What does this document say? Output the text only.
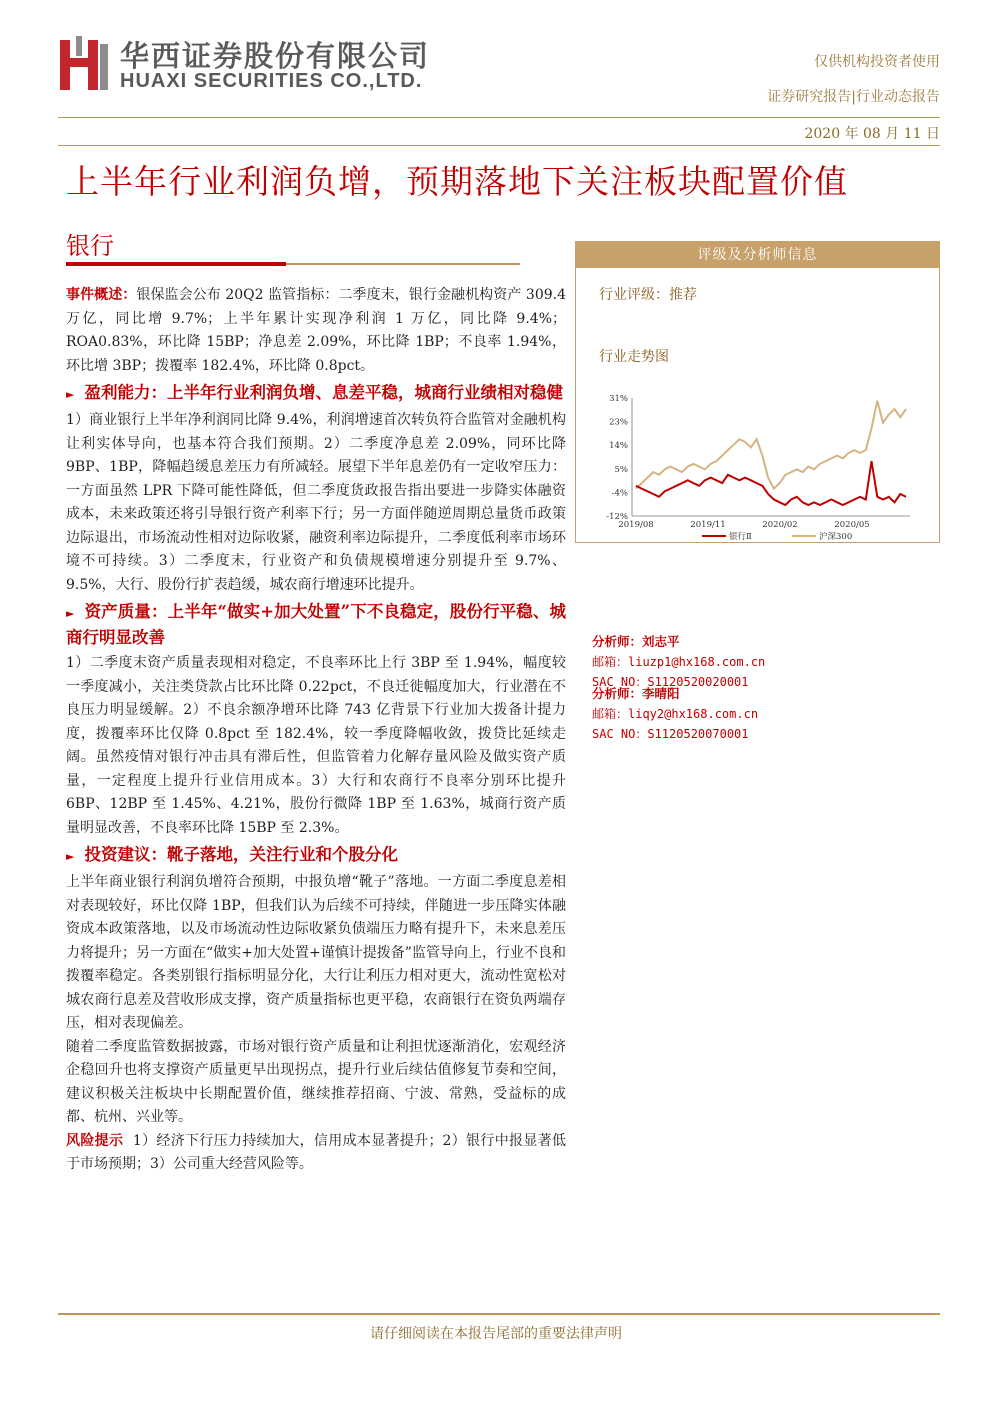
华西证券股份有限公司
HUAXI SECURITIES CO.,LTD.
仅供机构投资者使用
证券研究报告|行业动态报告
2020 年 08 月 11 日
上半年行业利润负增，预期落地下关注板块配置价值
银行

事件概述：银保监会公布 20Q2 监管指标：二季度末，银行金融机构资产 309.4 万亿，同比增 9.7%；上半年累计实现净利润 1 万亿，同比降 9.4%；ROA0.83%，环比降 15BP；净息差 2.09%，环比降 1BP；不良率 1.94%，环比增 3BP；拨覆率 182.4%，环比降 0.8pct。

► 盈利能力：上半年行业利润负增、息差平稳，城商行业绩相对稳健

1）商业银行上半年净利润同比降 9.4%，利润增速首次转负符合监管对金融机构让利实体导向，也基本符合我们预期。2）二季度净息差 2.09%，同环比降 9BP、1BP，降幅趋缓息差压力有所减轻。展望下半年息差仍有一定收窄压力：一方面虽然 LPR 下降可能性降低，但二季度货政报告指出要进一步降实体融资成本，未来政策还将引导银行资产利率下行；另一方面伴随逆周期总量货币政策边际退出，市场流动性相对边际收紧，融资利率边际提升，二季度低利率市场环境不可持续。3）二季度末，行业资产和负债规模增速分别提升至 9.7%、9.5%，大行、股份行扩表趋缓，城农商行增速环比提升。

► 资产质量：上半年“做实+加大处置”下不良稳定，股份行平稳、城商行明显改善

1）二季度末资产质量表现相对稳定，不良率环比上行 3BP 至 1.94%，幅度较一季度减小，关注类贷款占比环比降 0.22pct，不良迁徙幅度加大，行业潜在不良压力明显缓解。2）不良余额净增环比降 743 亿背景下行业加大拨备计提力度，拨覆率环比仅降 0.8pct 至 182.4%，较一季度降幅收敛，拨贷比延续走阔。虽然疫情对银行冲击具有滞后性，但监管着力化解存量风险及做实资产质量，一定程度上提升行业信用成本。3）大行和农商行不良率分别环比提升 6BP、12BP 至 1.45%、4.21%，股份行微降 1BP 至 1.63%，城商行资产质量明显改善，不良率环比降 15BP 至 2.3%。

► 投资建议：靴子落地，关注行业和个股分化

上半年商业银行利润负增符合预期，中报负增“靴子”落地。一方面二季度息差相对表现较好，环比仅降 1BP，但我们认为后续不可持续，伴随进一步压降实体融资成本政策落地，以及市场流动性边际收紧负债端压力略有提升下，未来息差压力将提升；另一方面在“做实+加大处置+谨慎计提拨备”监管导向上，行业不良和拨覆率稳定。各类别银行指标明显分化，大行让利压力相对更大，流动性宽松对城农商行息差及营收形成支撑，资产质量指标也更平稳，农商银行在资负两端存压，相对表现偏差。

随着二季度监管数据披露，市场对银行资产质量和让利担忧逐渐消化，宏观经济企稳回升也将支撑资产质量更早出现拐点，提升行业后续估值修复节奏和空间，建议积极关注板块中长期配置价值，继续推荐招商、宁波、常熟，受益标的成都、杭州、兴业等。

风险提示 1）经济下行压力持续加大，信用成本显著提升；2）银行中报显著低于市场预期；3）公司重大经营风险等。

评级及分析师信息
行业评级：推荐
行业走势图
31%
23%
14%
5%
-4%
-12%
2019/08	2019/11	2020/02	2020/05
银行Ⅱ	沪深300
分析师：刘志平
邮箱：liuzp1@hx168.com.cn
SAC NO：S1120520020001
分析师：李晴阳
邮箱：liqy2@hx168.com.cn
SAC NO：S1120520070001
请仔细阅读在本报告尾部的重要法律声明
